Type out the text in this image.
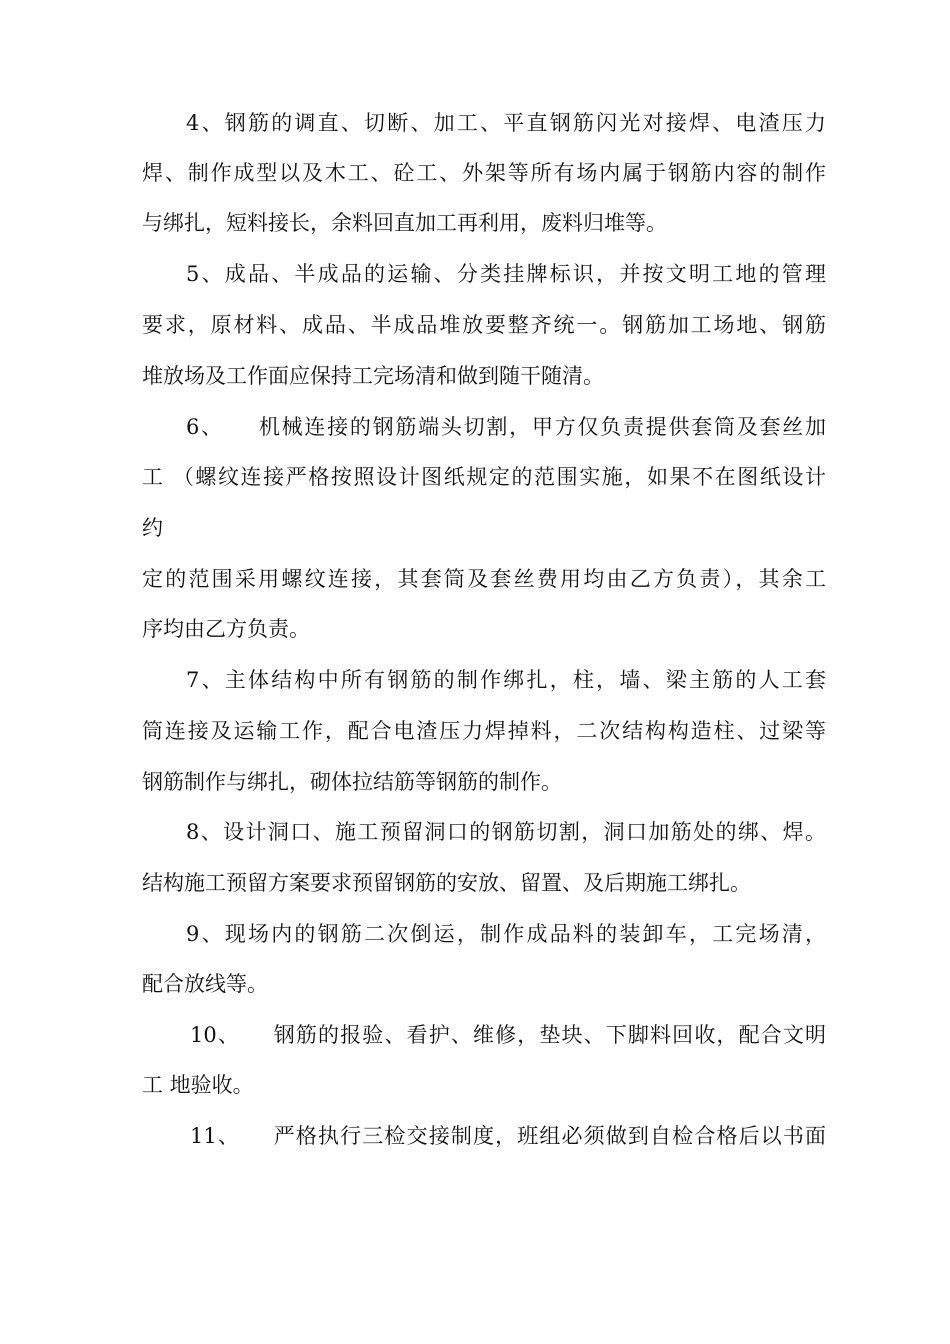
4、钢筋的调直、切断、加工、平直钢筋闪光对接焊、电渣压力
焊、制作成型以及木工、砼工、外架等所有场内属于钢筋内容的制作
与绑扎，短料接长，余料回直加工再利用，废料归堆等。
5、成品、半成品的运输、分类挂牌标识，并按文明工地的管理
要求，原材料、成品、半成品堆放要整齐统一。钢筋加工场地、钢筋
堆放场及工作面应保持工完场清和做到随干随清。
6、　　机械连接的钢筋端头切割，甲方仅负责提供套筒及套丝加
工 （螺纹连接严格按照设计图纸规定的范围实施，如果不在图纸设计
约
定的范围采用螺纹连接，其套筒及套丝费用均由乙方负责），其余工
序均由乙方负责。
7、主体结构中所有钢筋的制作绑扎，柱，墙、梁主筋的人工套
筒连接及运输工作，配合电渣压力焊掉料，二次结构构造柱、过梁等
钢筋制作与绑扎，砌体拉结筋等钢筋的制作。
8、设计洞口、施工预留洞口的钢筋切割，洞口加筋处的绑、焊。
结构施工预留方案要求预留钢筋的安放、留置、及后期施工绑扎。
9、现场内的钢筋二次倒运，制作成品料的装卸车，工完场清，
配合放线等。
10、　　钢筋的报验、看护、维修，垫块、下脚料回收，配合文明
工 地验收。
11、　　严格执行三检交接制度，班组必须做到自检合格后以书面
